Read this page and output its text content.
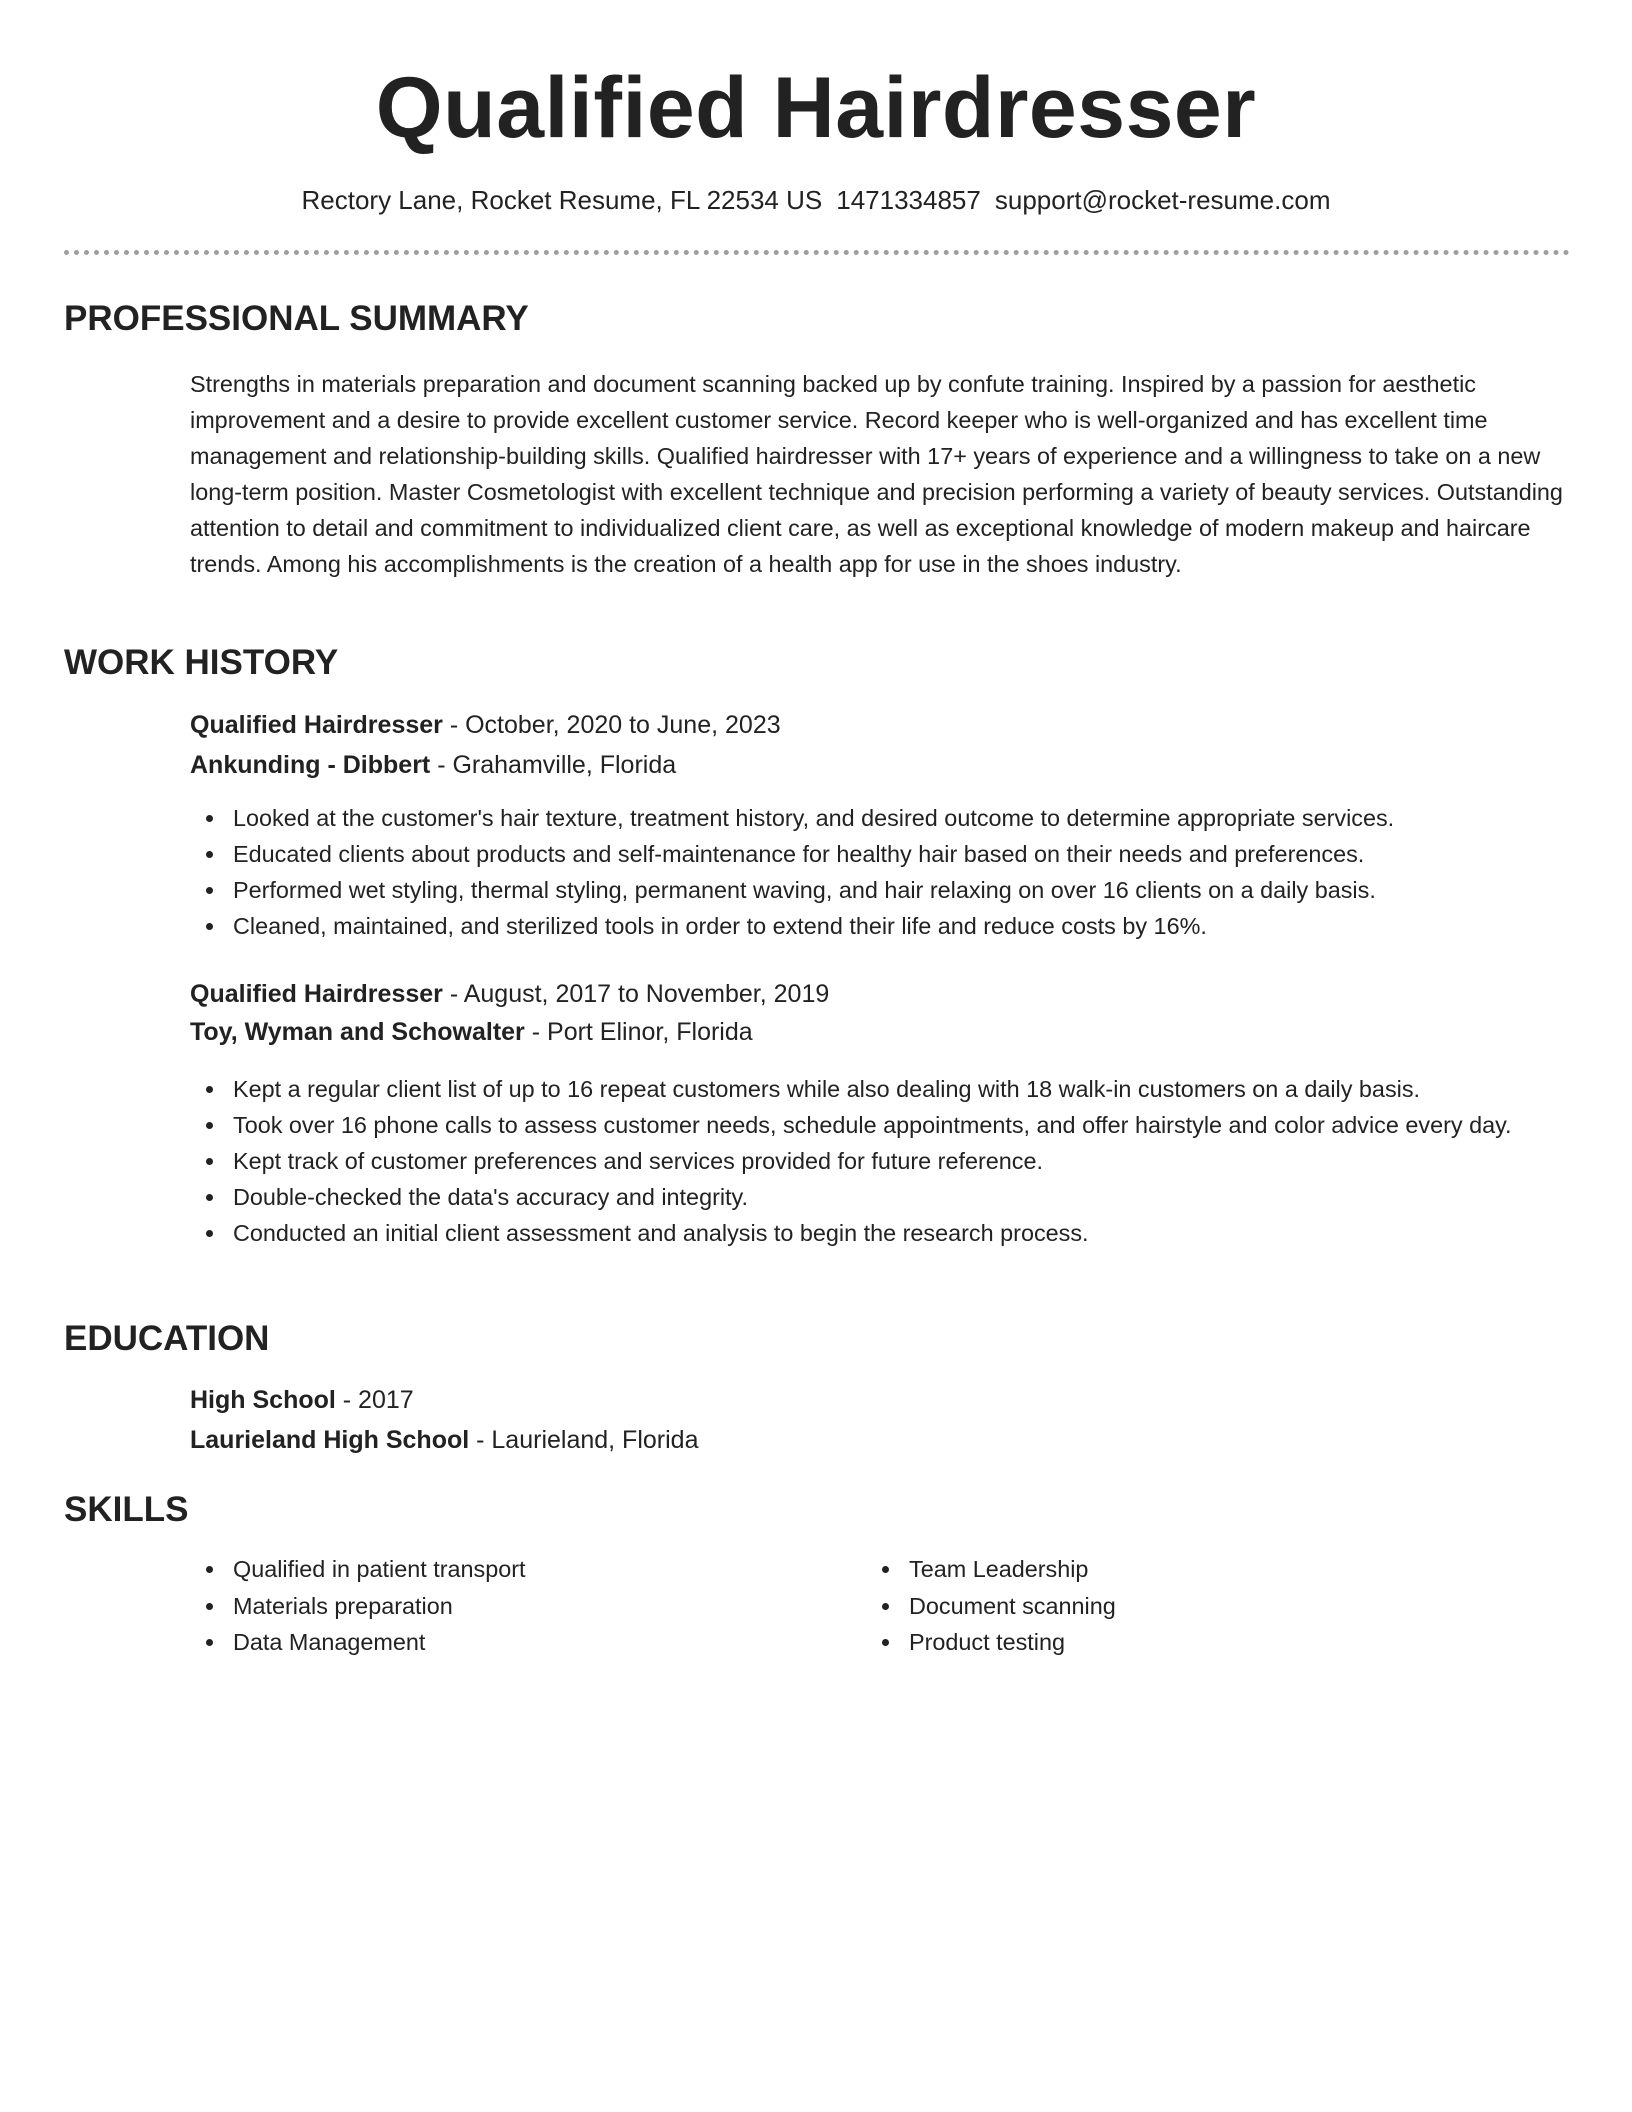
Qualified Hairdresser
Rectory Lane, Rocket Resume, FL 22534 US 1471334857 support@rocket-resume.com
PROFESSIONAL SUMMARY

Strengths in materials preparation and document scanning backed up by confute training. Inspired by a passion for aesthetic improvement and a desire to provide excellent customer service. Record keeper who is well-organized and has excellent time management and relationship-building skills. Qualified hairdresser with 17+ years of experience and a willingness to take on a new long-term position. Master Cosmetologist with excellent technique and precision performing a variety of beauty services. Outstanding attention to detail and commitment to individualized client care, as well as exceptional knowledge of modern makeup and haircare trends. Among his accomplishments is the creation of a health app for use in the shoes industry.

WORK HISTORY
Qualified Hairdresser - October, 2020 to June, 2023
Ankunding - Dibbert - Grahamville, Florida
Looked at the customer's hair texture, treatment history, and desired outcome to determine appropriate services.
Educated clients about products and self-maintenance for healthy hair based on their needs and preferences.
Performed wet styling, thermal styling, permanent waving, and hair relaxing on over 16 clients on a daily basis.
Cleaned, maintained, and sterilized tools in order to extend their life and reduce costs by 16%.
Qualified Hairdresser - August, 2017 to November, 2019
Toy, Wyman and Schowalter - Port Elinor, Florida
Kept a regular client list of up to 16 repeat customers while also dealing with 18 walk-in customers on a daily basis.
Took over 16 phone calls to assess customer needs, schedule appointments, and offer hairstyle and color advice every day.
Kept track of customer preferences and services provided for future reference.
Double-checked the data's accuracy and integrity.
Conducted an initial client assessment and analysis to begin the research process.
EDUCATION
High School - 2017
Laurieland High School - Laurieland, Florida
SKILLS
Qualified in patient transport
Materials preparation
Data Management
Team Leadership
Document scanning
Product testing
